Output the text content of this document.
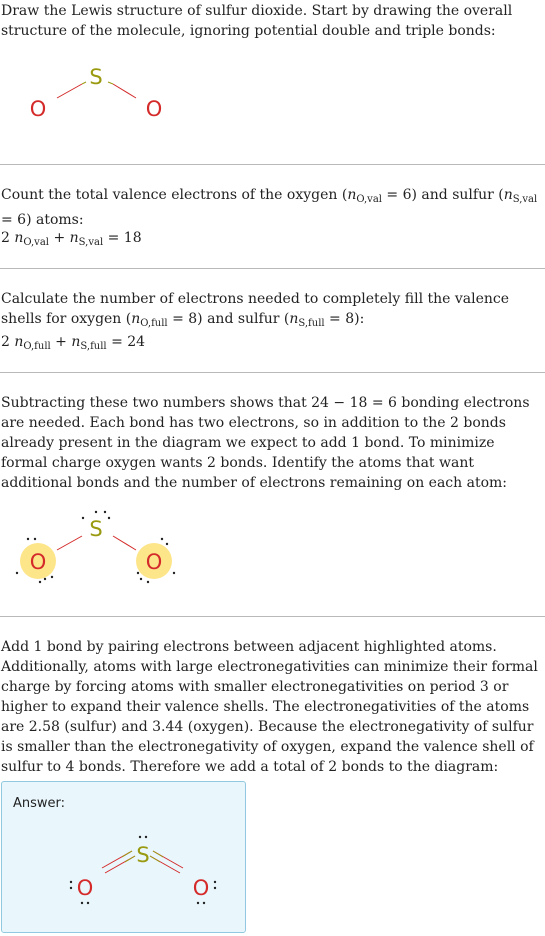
Draw the Lewis structure of sulfur dioxide. Start by drawing the overall structure of the molecule, ignoring potential double and triple bonds:
S
O	O
S
O	O
Count the total valence electrons of the oxygen $(n_{O,val} = 6)$ and sulfur $(n_{S,val} = 6)$ atoms:
2 $n_{O,val} + n_{S,val} = 18$
Calculate the number of electrons needed to completely fill the valence shells for oxygen $(n_{O,full} = 8)$ and sulfur $(n_{S,full} = 8)$:
2 $n_{O,full} + n_{S,full} = 24$
Subtracting these two numbers shows that 24 − 18 = 6 bonding electrons are needed. Each bond has two electrons, so in addition to the 2 bonds already present in the diagram we expect to add 1 bond. To minimize formal charge oxygen wants 2 bonds. Identify the atoms that want additional bonds and the number of electrons remaining on each atom:
Add 1 bond by pairing electrons between adjacent highlighted atoms. Additionally, atoms with large electronegativities can minimize their formal charge by forcing atoms with smaller electronegativities on period 3 or higher to expand their valence shells. The electronegativities of the atoms are 2.58 (sulfur) and 3.44 (oxygen). Because the electronegativity of sulfur is smaller than the electronegativity of oxygen, expand the valence shell of sulfur to 4 bonds. Therefore we add a total of 2 bonds to the diagram:
Answer:
S
O	O
